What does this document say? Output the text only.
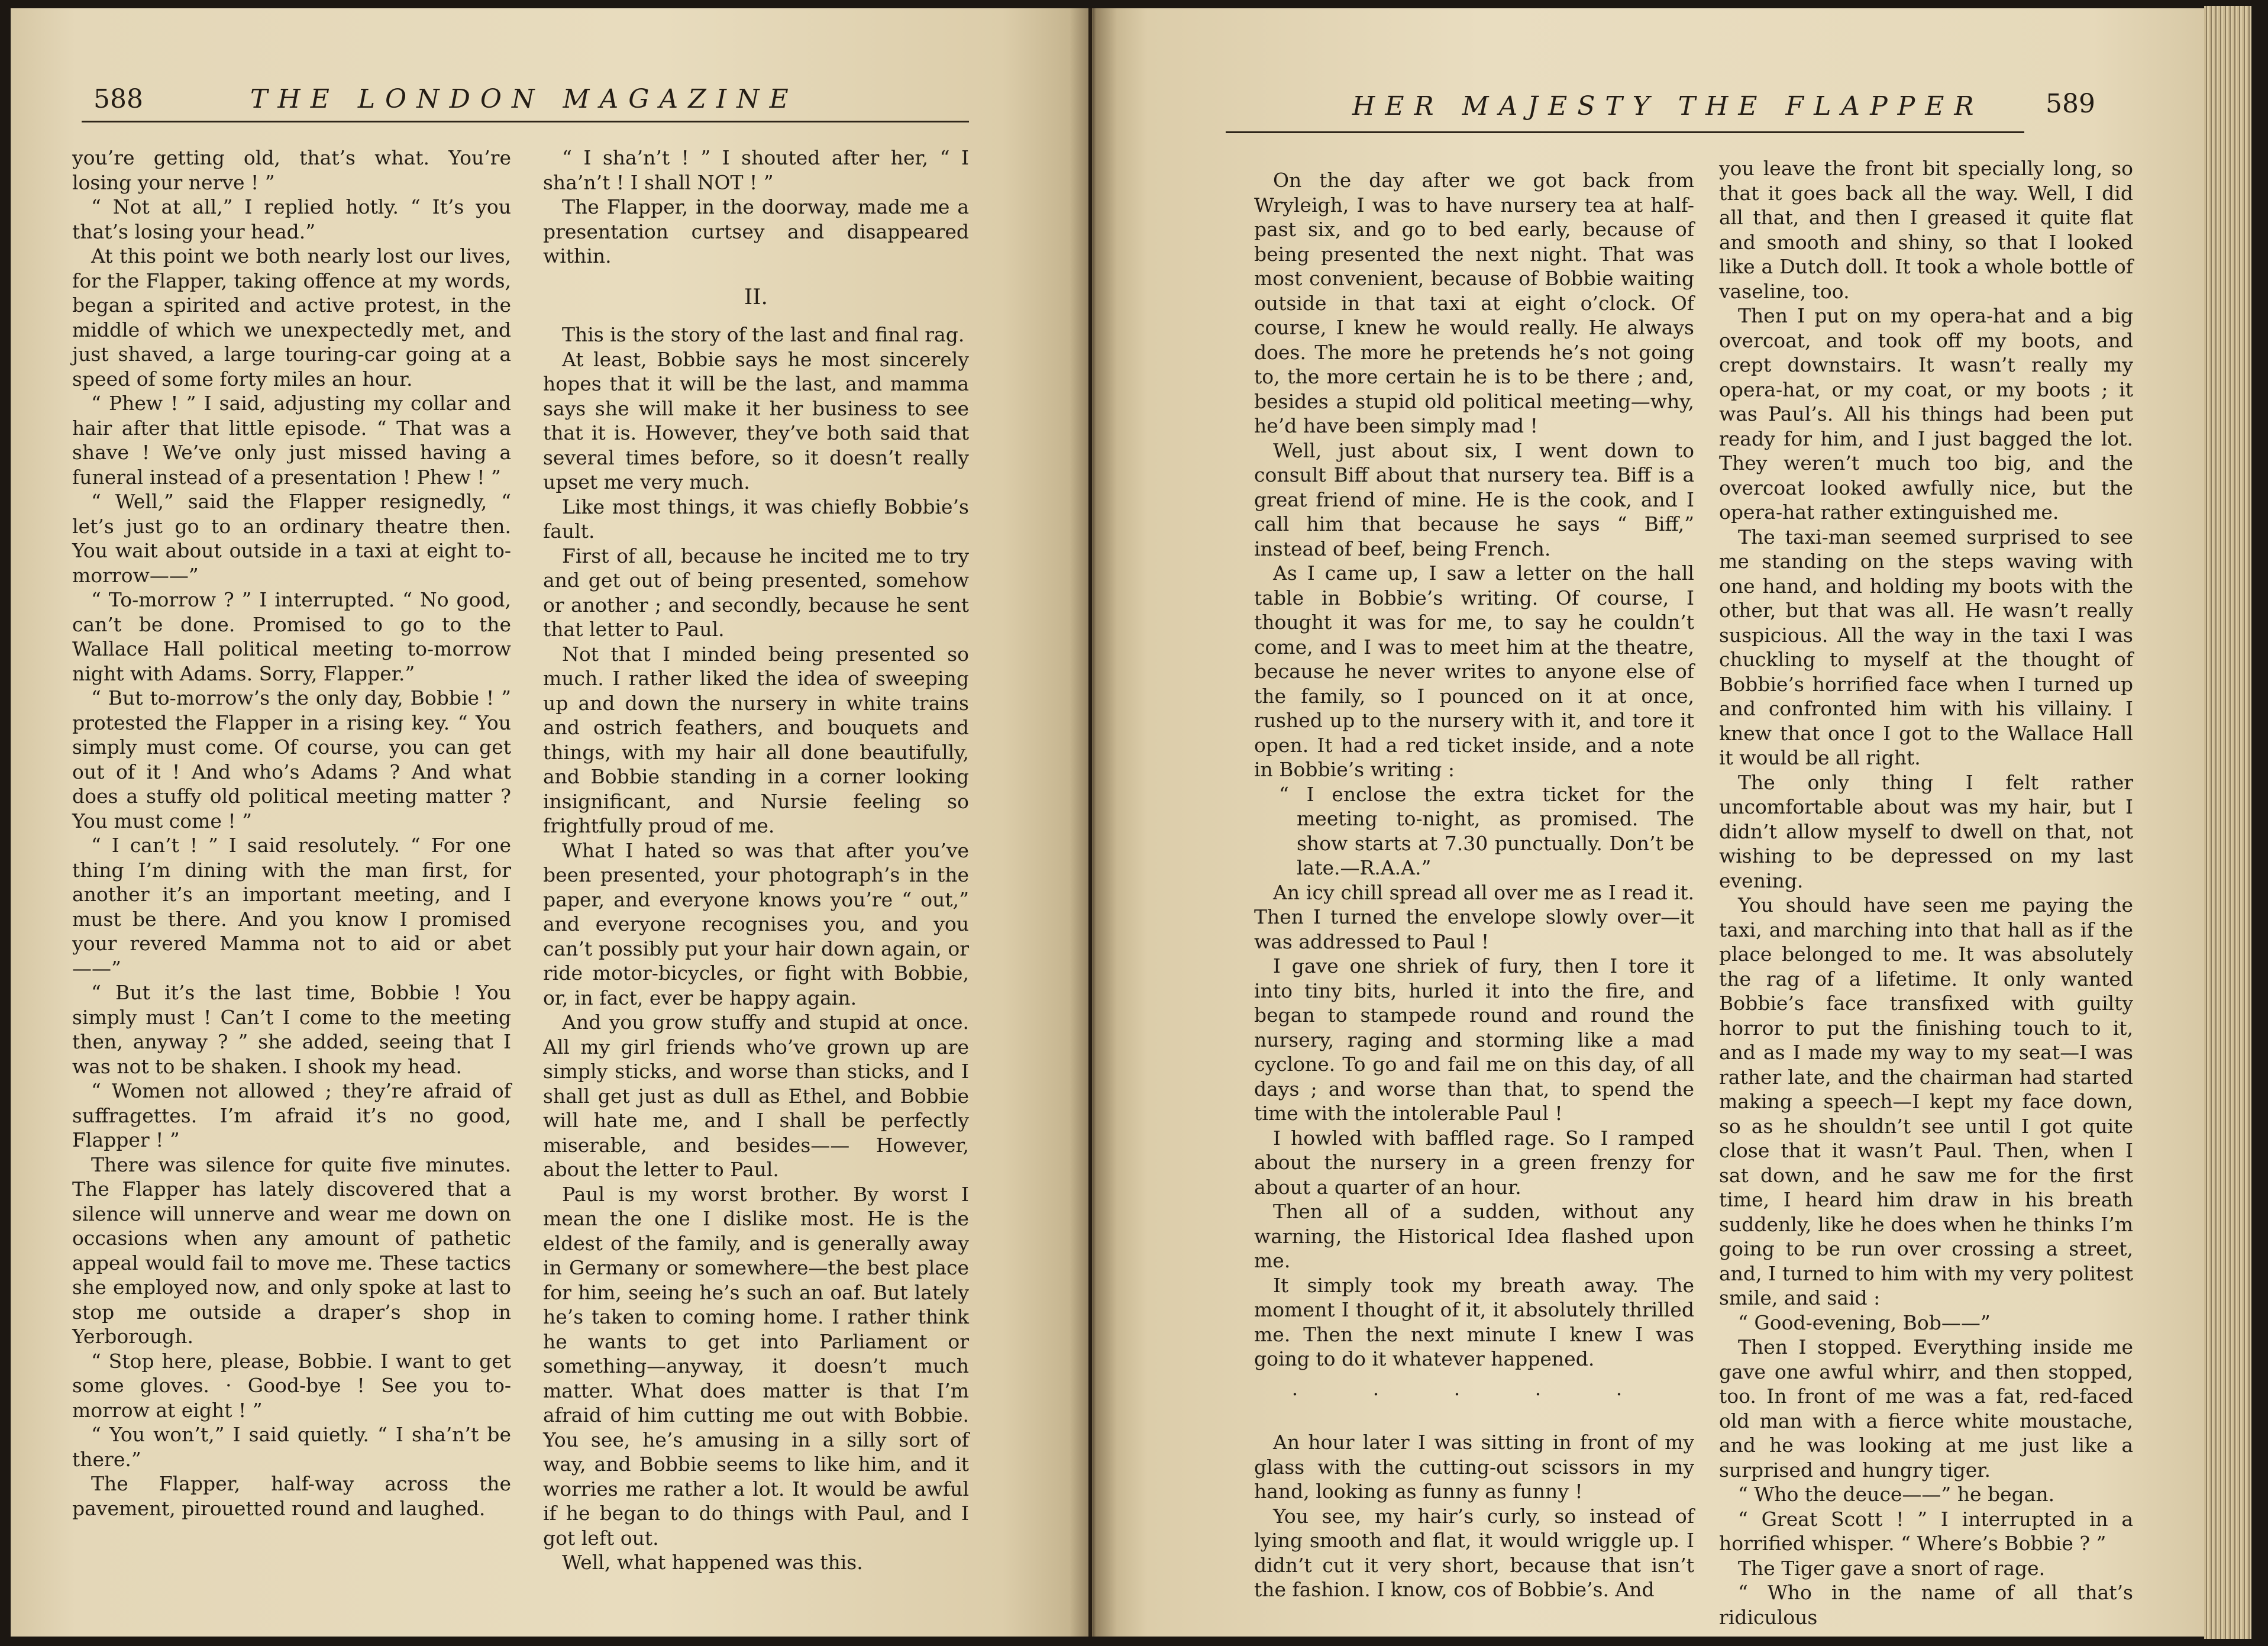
588	THE LONDON MAGAZINE

you’re getting old, that’s what. You’re losing your nerve ! ”

“ Not at all,” I replied hotly. “ It’s you that’s losing your head.”

At this point we both nearly lost our lives, for the Flapper, taking offence at my words, began a spirited and active protest, in the middle of which we unexpectedly met, and just shaved, a large touring-car going at a speed of some forty miles an hour.

“ Phew ! ” I said, adjusting my collar and hair after that little episode. “ That was a shave ! We’ve only just missed having a funeral instead of a presentation ! Phew ! ”

“ Well,” said the Flapper resignedly, “ let’s just go to an ordinary theatre then. You wait about outside in a taxi at eight to-morrow——”

“ To-morrow ? ” I interrupted. “ No good, can’t be done. Promised to go to the Wallace Hall political meeting to-morrow night with Adams. Sorry, Flapper.”

“ But to-morrow’s the only day, Bobbie ! ” protested the Flapper in a rising key. “ You simply must come. Of course, you can get out of it ! And who’s Adams ? And what does a stuffy old political meeting matter ? You must come ! ”

“ I can’t ! ” I said resolutely. “ For one thing I’m dining with the man first, for another it’s an important meeting, and I must be there. And you know I promised your revered Mamma not to aid or abet——”

“ But it’s the last time, Bobbie ! You simply must ! Can’t I come to the meeting then, anyway ? ” she added, seeing that I was not to be shaken. I shook my head.

“ Women not allowed ; they’re afraid of suffragettes. I’m afraid it’s no good, Flapper ! ”

There was silence for quite five minutes. The Flapper has lately discovered that a silence will unnerve and wear me down on occasions when any amount of pathetic appeal would fail to move me. These tactics she employed now, and only spoke at last to stop me outside a draper’s shop in Yerborough.

“ Stop here, please, Bobbie. I want to get some gloves. · Good-bye ! See you to-morrow at eight ! ”

“ You won’t,” I said quietly. “ I sha’n’t be there.”

The Flapper, half-way across the pavement, pirouetted round and laughed.

“ I sha’n’t ! ” I shouted after her, “ I sha’n’t ! I shall NOT ! ”

The Flapper, in the doorway, made me a presentation curtsey and disappeared within.

II.

This is the story of the last and final rag.

At least, Bobbie says he most sincerely hopes that it will be the last, and mamma says she will make it her business to see that it is. However, they’ve both said that several times before, so it doesn’t really upset me very much.

Like most things, it was chiefly Bobbie’s fault.

First of all, because he incited me to try and get out of being presented, somehow or another ; and secondly, because he sent that letter to Paul.

Not that I minded being presented so much. I rather liked the idea of sweeping up and down the nursery in white trains and ostrich feathers, and bouquets and things, with my hair all done beautifully, and Bobbie standing in a corner looking insignificant, and Nursie feeling so frightfully proud of me.

What I hated so was that after you’ve been presented, your photograph’s in the paper, and everyone knows you’re “ out,” and everyone recognises you, and you can’t possibly put your hair down again, or ride motor-bicycles, or fight with Bobbie, or, in fact, ever be happy again.

And you grow stuffy and stupid at once. All my girl friends who’ve grown up are simply sticks, and worse than sticks, and I shall get just as dull as Ethel, and Bobbie will hate me, and I shall be perfectly miserable, and besides—— However, about the letter to Paul.

Paul is my worst brother. By worst I mean the one I dislike most. He is the eldest of the family, and is generally away in Germany or somewhere—the best place for him, seeing he’s such an oaf. But lately he’s taken to coming home. I rather think he wants to get into Parliament or something—anyway, it doesn’t much matter. What does matter is that I’m afraid of him cutting me out with Bobbie. You see, he’s amusing in a silly sort of way, and Bobbie seems to like him, and it worries me rather a lot. It would be awful if he began to do things with Paul, and I got left out.

Well, what happened was this.

HER MAJESTY THE FLAPPER 589

On the day after we got back from Wryleigh, I was to have nursery tea at half-past six, and go to bed early, because of being presented the next night. That was most convenient, because of Bobbie waiting outside in that taxi at eight o’clock. Of course, I knew he would really. He always does. The more he pretends he’s not going to, the more certain he is to be there ; and, besides a stupid old political meeting—why, he’d have been simply mad !

Well, just about six, I went down to consult Biff about that nursery tea. Biff is a great friend of mine. He is the cook, and I call him that because he says “ Biff,” instead of beef, being French.

As I came up, I saw a letter on the hall table in Bobbie’s writing. Of course, I thought it was for me, to say he couldn’t come, and I was to meet him at the theatre, because he never writes to anyone else of the family, so I pounced on it at once, rushed up to the nursery with it, and tore it open. It had a red ticket inside, and a note in Bobbie’s writing :

“ I enclose the extra ticket for the meeting to-night, as promised. The show starts at 7.30 punctually. Don’t be late.—R.A.A.”

An icy chill spread all over me as I read it. Then I turned the envelope slowly over—it was addressed to Paul !

I gave one shriek of fury, then I tore it into tiny bits, hurled it into the fire, and began to stampede round and round the nursery, raging and storming like a mad cyclone. To go and fail me on this day, of all days ; and worse than that, to spend the time with the intolerable Paul !

I howled with baffled rage. So I ramped about the nursery in a green frenzy for about a quarter of an hour.

Then all of a sudden, without any warning, the Historical Idea flashed upon me.

It simply took my breath away. The moment I thought of it, it absolutely thrilled me. Then the next minute I knew I was going to do it whatever happened.

· · · · ·

An hour later I was sitting in front of my glass with the cutting-out scissors in my hand, looking as funny as funny !

You see, my hair’s curly, so instead of lying smooth and flat, it would wriggle up. I didn’t cut it very short, because that isn’t the fashion. I know, cos of Bobbie’s. And

you leave the front bit specially long, so that it goes back all the way. Well, I did all that, and then I greased it quite flat and smooth and shiny, so that I looked like a Dutch doll. It took a whole bottle of vaseline, too.

Then I put on my opera-hat and a big overcoat, and took off my boots, and crept downstairs. It wasn’t really my opera-hat, or my coat, or my boots ; it was Paul’s. All his things had been put ready for him, and I just bagged the lot. They weren’t much too big, and the overcoat looked awfully nice, but the opera-hat rather extinguished me.

The taxi-man seemed surprised to see me standing on the steps waving with one hand, and holding my boots with the other, but that was all. He wasn’t really suspicious. All the way in the taxi I was chuckling to myself at the thought of Bobbie’s horrified face when I turned up and confronted him with his villainy. I knew that once I got to the Wallace Hall it would be all right.

The only thing I felt rather uncomfortable about was my hair, but I didn’t allow myself to dwell on that, not wishing to be depressed on my last evening.

You should have seen me paying the taxi, and marching into that hall as if the place belonged to me. It was absolutely the rag of a lifetime. It only wanted Bobbie’s face transfixed with guilty horror to put the finishing touch to it, and as I made my way to my seat—I was rather late, and the chairman had started making a speech—I kept my face down, so as he shouldn’t see until I got quite close that it wasn’t Paul. Then, when I sat down, and he saw me for the first time, I heard him draw in his breath suddenly, like he does when he thinks I’m going to be run over crossing a street, and, I turned to him with my very politest smile, and said :

“ Good-evening, Bob——”

Then I stopped. Everything inside me gave one awful whirr, and then stopped, too. In front of me was a fat, red-faced old man with a fierce white moustache, and he was looking at me just like a surprised and hungry tiger.

“ Who the deuce——” he began.

“ Great Scott ! ” I interrupted in a horrified whisper. “ Where’s Bobbie ? ”

The Tiger gave a snort of rage.

“ Who in the name of all that’s ridiculous
